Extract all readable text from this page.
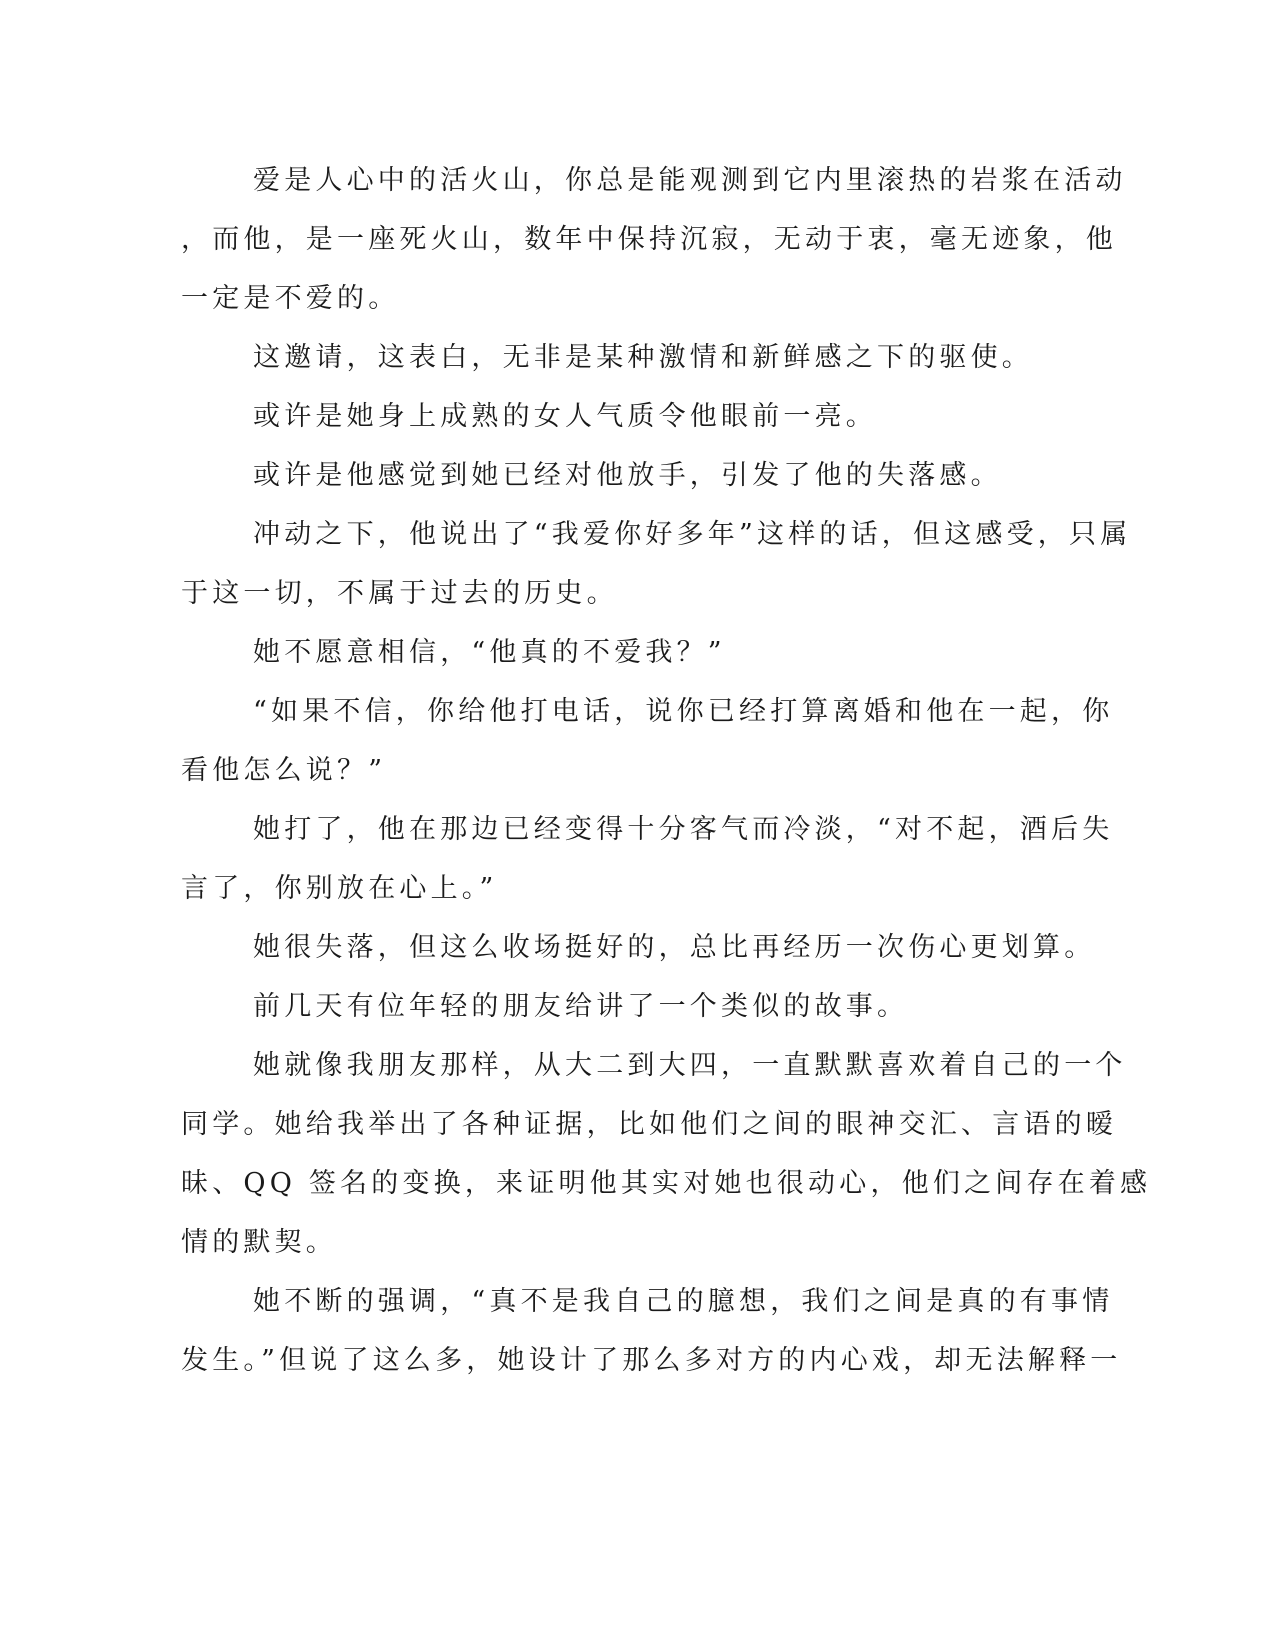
爱是人心中的活火山，你总是能观测到它内里滚热的岩浆在活动
，而他，是一座死火山，数年中保持沉寂，无动于衷，毫无迹象，他
一定是不爱的。
这邀请，这表白，无非是某种激情和新鲜感之下的驱使。
或许是她身上成熟的女人气质令他眼前一亮。
或许是他感觉到她已经对他放手，引发了他的失落感。
冲动之下，他说出了“我爱你好多年”这样的话，但这感受，只属
于这一切，不属于过去的历史。
她不愿意相信，“他真的不爱我？”
“如果不信，你给他打电话，说你已经打算离婚和他在一起，你
看他怎么说？”
她打了，他在那边已经变得十分客气而冷淡，“对不起，酒后失
言了，你别放在心上。”
她很失落，但这么收场挺好的，总比再经历一次伤心更划算。
前几天有位年轻的朋友给讲了一个类似的故事。
她就像我朋友那样，从大二到大四，一直默默喜欢着自己的一个
同学。她给我举出了各种证据，比如他们之间的眼神交汇、言语的暧
昧、QQ 签名的变换，来证明他其实对她也很动心，他们之间存在着感
情的默契。
她不断的强调，“真不是我自己的臆想，我们之间是真的有事情
发生。”但说了这么多，她设计了那么多对方的内心戏，却无法解释一
